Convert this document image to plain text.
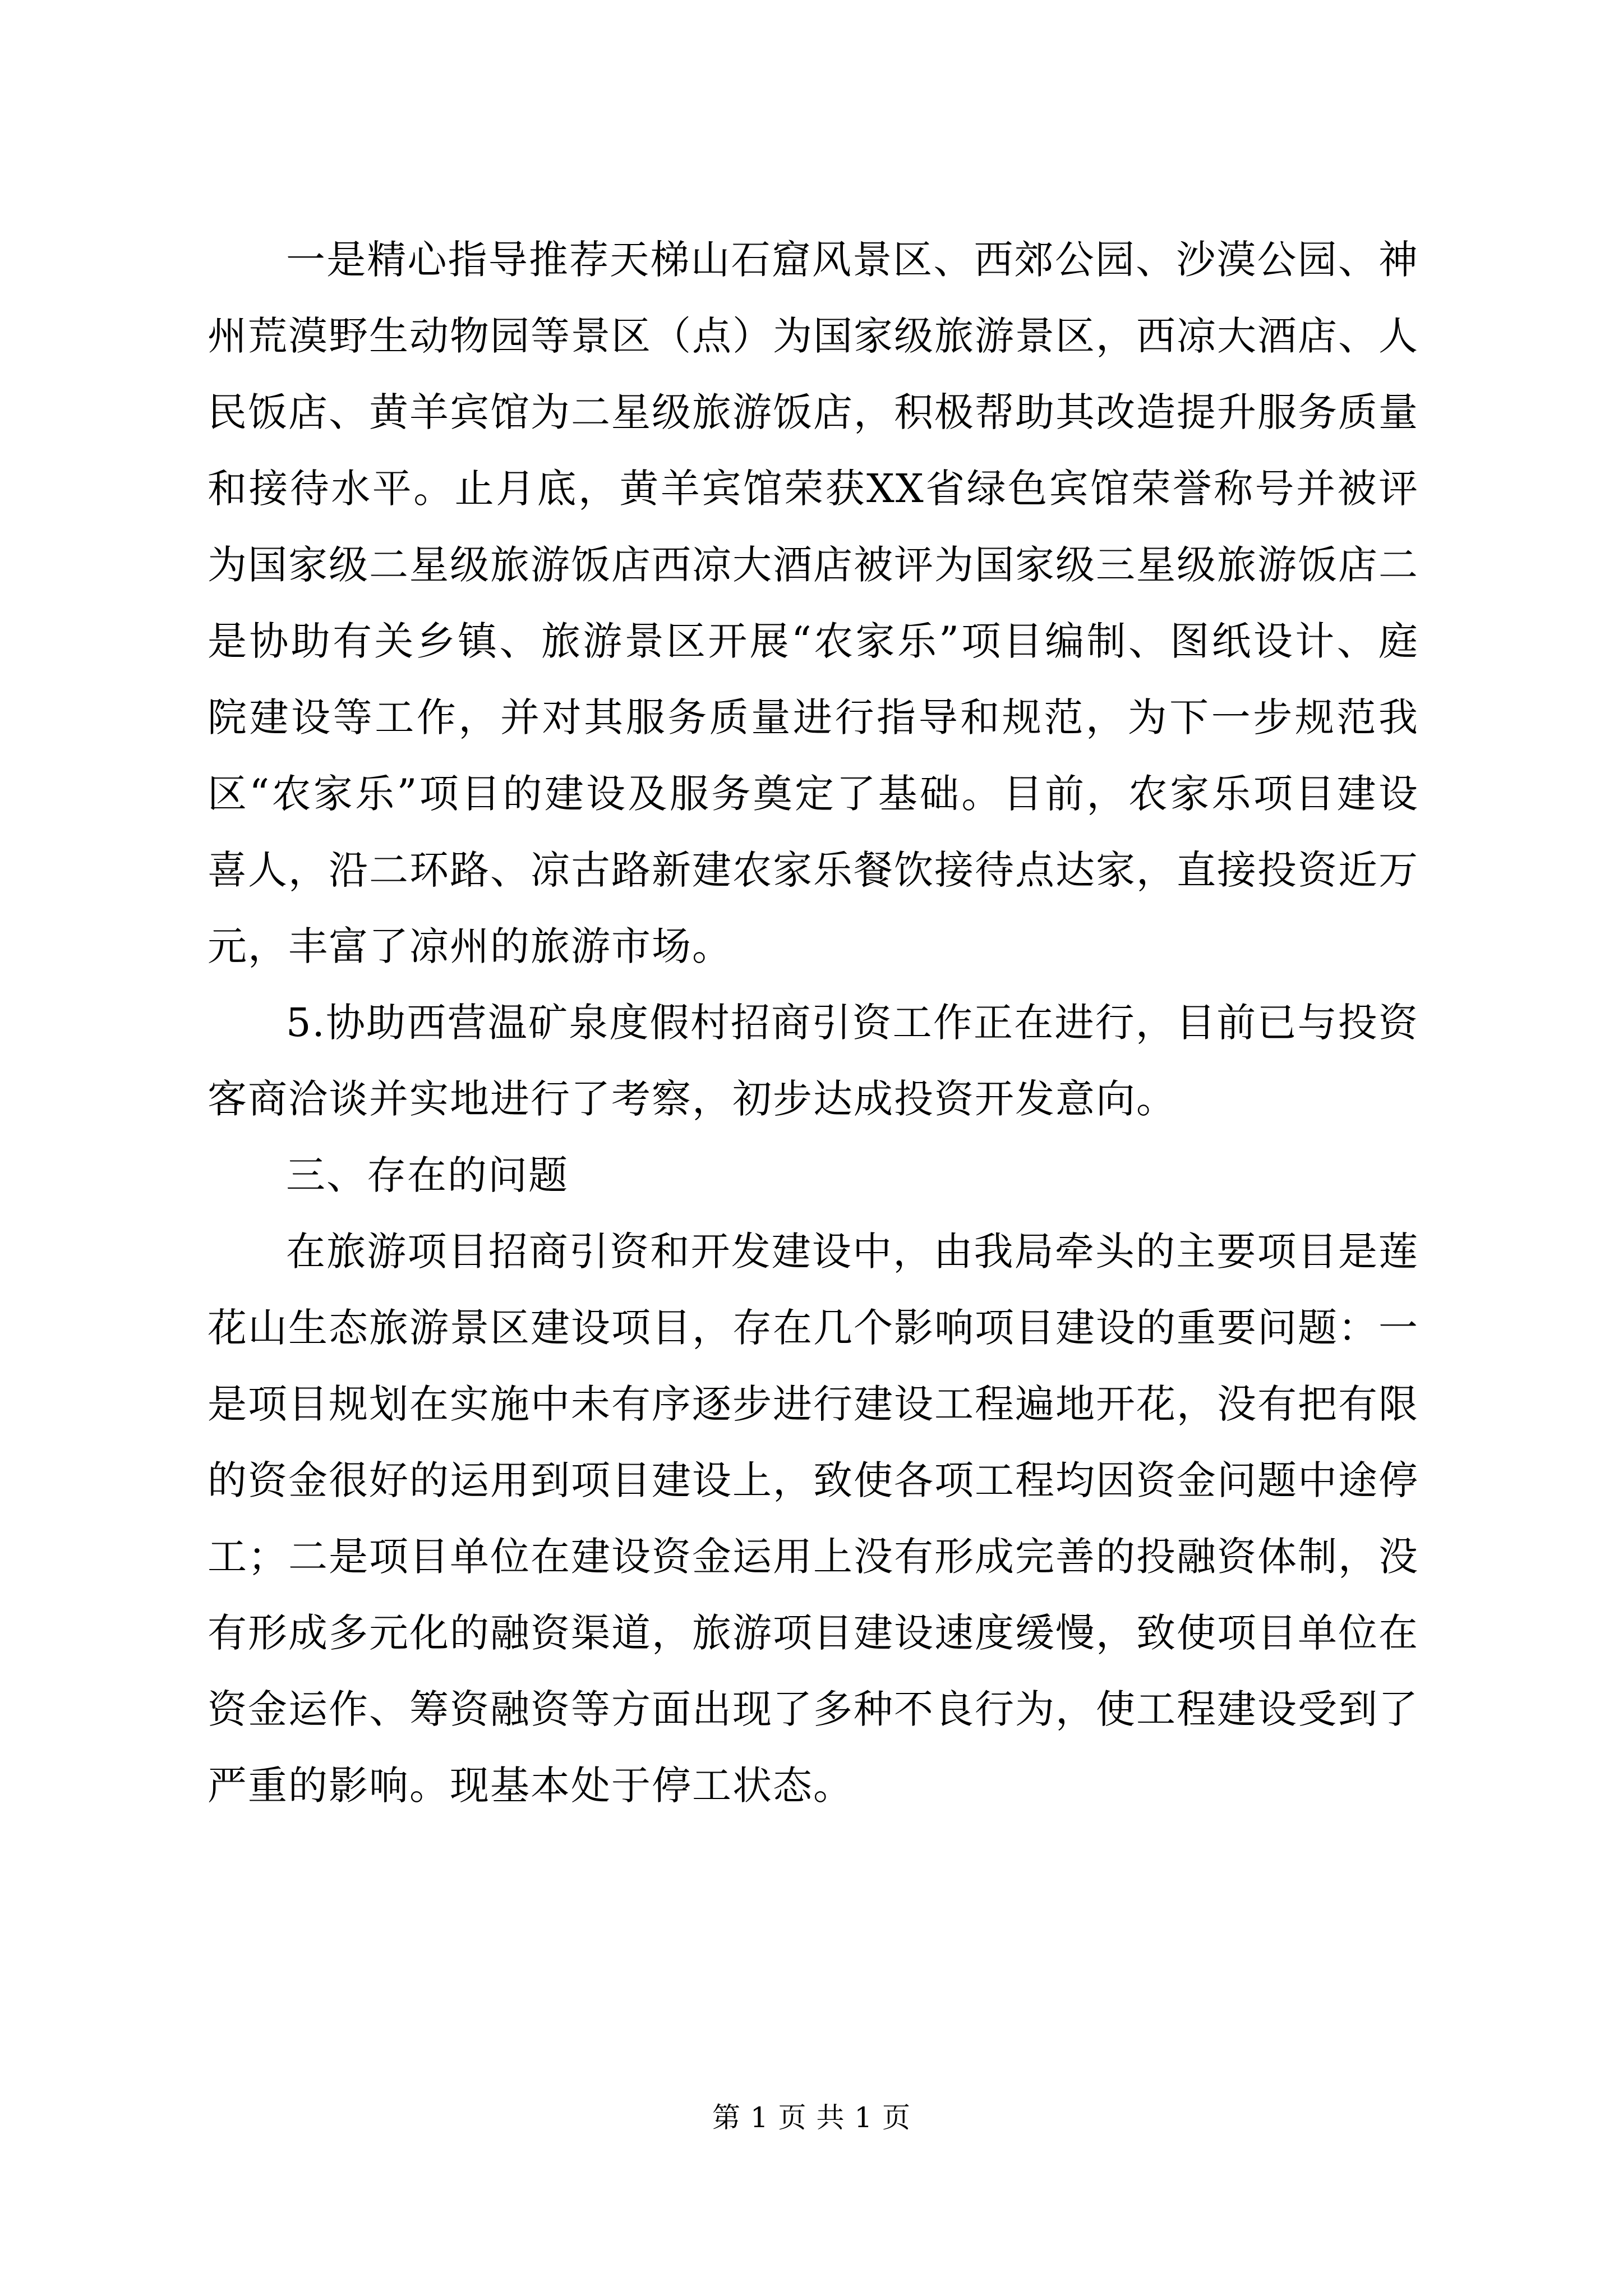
一是精心指导推荐天梯山石窟风景区、西郊公园、沙漠公园、神州荒漠野生动物园等景区（点）为国家级旅游景区，西凉大酒店、人民饭店、黄羊宾馆为二星级旅游饭店，积极帮助其改造提升服务质量和接待水平。止月底，黄羊宾馆荣获XX省绿色宾馆荣誉称号并被评为国家级二星级旅游饭店西凉大酒店被评为国家级三星级旅游饭店二是协助有关乡镇、旅游景区开展“农家乐”项目编制、图纸设计、庭院建设等工作，并对其服务质量进行指导和规范，为下一步规范我区“农家乐”项目的建设及服务奠定了基础。目前，农家乐项目建设喜人，沿二环路、凉古路新建农家乐餐饮接待点达家，直接投资近万元，丰富了凉州的旅游市场。

5.协助西营温矿泉度假村招商引资工作正在进行，目前已与投资客商洽谈并实地进行了考察，初步达成投资开发意向。

三、存在的问题

在旅游项目招商引资和开发建设中，由我局牵头的主要项目是莲花山生态旅游景区建设项目，存在几个影响项目建设的重要问题：一是项目规划在实施中未有序逐步进行建设工程遍地开花，没有把有限的资金很好的运用到项目建设上，致使各项工程均因资金问题中途停工；二是项目单位在建设资金运用上没有形成完善的投融资体制，没有形成多元化的融资渠道，旅游项目建设速度缓慢，致使项目单位在资金运作、筹资融资等方面出现了多种不良行为，使工程建设受到了严重的影响。现基本处于停工状态。

第 1 页 共 1 页
